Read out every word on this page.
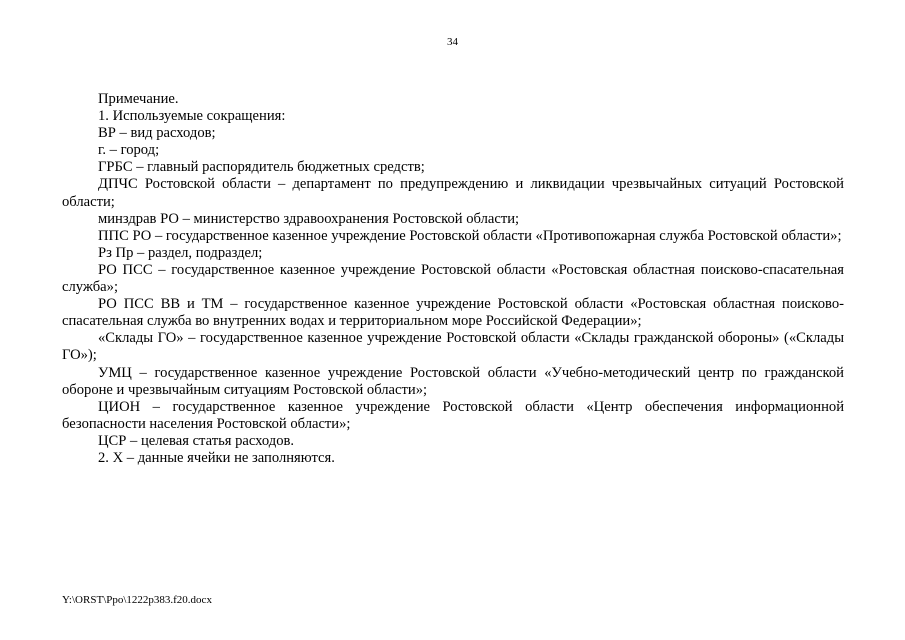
34

Примечание.

1. Используемые сокращения:

ВР – вид расходов;

г. – город;

ГРБС – главный распорядитель бюджетных средств;

ДПЧС Ростовской области – департамент по предупреждению и ликвидации чрезвычайных ситуаций Ростовской области;

минздрав РО – министерство здравоохранения Ростовской области;

ППС РО – государственное казенное учреждение Ростовской области «Противопожарная служба Ростовской области»;

Рз Пр – раздел, подраздел;

РО ПСС – государственное казенное учреждение Ростовской области «Ростовская областная поисково-спасательная служба»;

РО ПСС ВВ и ТМ – государственное казенное учреждение Ростовской области «Ростовская областная поисково-спасательная служба во внутренних водах и территориальном море Российской Федерации»;

«Склады ГО» – государственное казенное учреждение Ростовской области «Склады гражданской обороны» («Склады ГО»);

УМЦ – государственное казенное учреждение Ростовской области «Учебно-методический центр по гражданской обороне и чрезвычайным ситуациям Ростовской области»;

ЦИОН – государственное казенное учреждение Ростовской области «Центр обеспечения информационной безопасности населения Ростовской области»;

ЦСР – целевая статья расходов.

2. Х – данные ячейки не заполняются.

Y:\ORST\Ppo\1222p383.f20.docx
